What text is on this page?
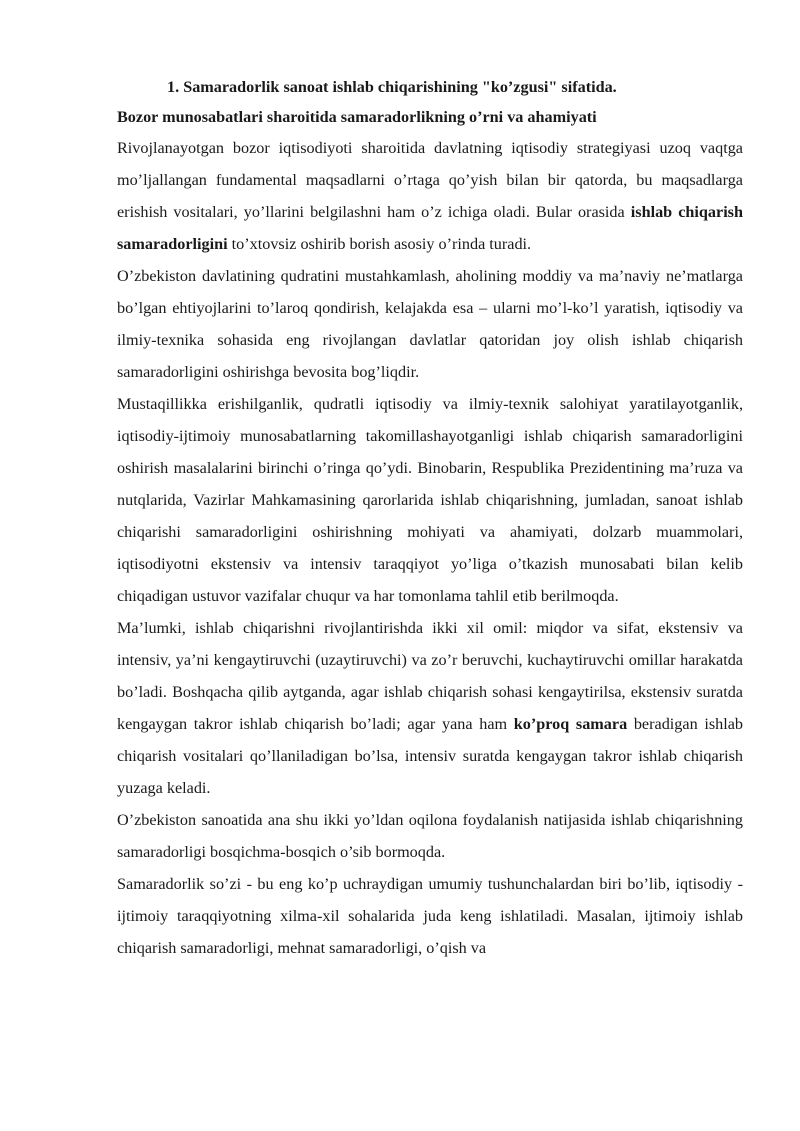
1. Samaradorlik sanoat ishlab chiqarishining "ko’zgusi" sifatida.
Bozor munosabatlari sharoitida samaradorlikning o’rni va ahamiyati

Rivojlanayotgan bozor iqtisodiyoti sharoitida davlatning iqtisodiy strategiyasi uzoq vaqtga mo’ljallangan fundamental maqsadlarni o’rtaga qo’yish bilan bir qatorda, bu maqsadlarga erishish vositalari, yo’llarini belgilashni ham o’z ichiga oladi. Bular orasida ishlab chiqarish samaradorligini to’xtovsiz oshirib borish asosiy o’rinda turadi.

O’zbekiston davlatining qudratini mustahkamlash, aholining moddiy va ma’naviy ne’matlarga bo’lgan ehtiyojlarini to’laroq qondirish, kelajakda esa – ularni mo’l-ko’l yaratish, iqtisodiy va ilmiy-texnika sohasida eng rivojlangan davlatlar qatoridan joy olish ishlab chiqarish samaradorligini oshirishga bevosita bog’liqdir.

Mustaqillikka erishilganlik, qudratli iqtisodiy va ilmiy-texnik salohiyat yaratilayotganlik, iqtisodiy-ijtimoiy munosabatlarning takomillashayotganligi ishlab chiqarish samaradorligini oshirish masalalarini birinchi o’ringa qo’ydi. Binobarin, Respublika Prezidentining ma’ruza va nutqlarida, Vazirlar Mahkamasining qarorlarida ishlab chiqarishning, jumladan, sanoat ishlab chiqarishi samaradorligini oshirishning mohiyati va ahamiyati, dolzarb muammolari, iqtisodiyotni ekstensiv va intensiv taraqqiyot yo’liga o’tkazish munosabati bilan kelib chiqadigan ustuvor vazifalar chuqur va har tomonlama tahlil etib berilmoqda.

Ma’lumki, ishlab chiqarishni rivojlantirishda ikki xil omil: miqdor va sifat, ekstensiv va intensiv, ya’ni kengaytiruvchi (uzaytiruvchi) va zo’r beruvchi, kuchaytiruvchi omillar harakatda bo’ladi. Boshqacha qilib aytganda, agar ishlab chiqarish sohasi kengaytirilsa, ekstensiv suratda kengaygan takror ishlab chiqarish bo’ladi; agar yana ham ko’proq samara beradigan ishlab chiqarish vositalari qo’llaniladigan bo’lsa, intensiv suratda kengaygan takror ishlab chiqarish yuzaga keladi.

O’zbekiston sanoatida ana shu ikki yo’ldan oqilona foydalanish natijasida ishlab chiqarishning samaradorligi bosqichma-bosqich o’sib bormoqda.

Samaradorlik so’zi - bu eng ko’p uchraydigan umumiy tushunchalardan biri bo’lib, iqtisodiy - ijtimoiy taraqqiyotning xilma-xil sohalarida juda keng ishlatiladi. Masalan, ijtimoiy ishlab chiqarish samaradorligi, mehnat samaradorligi, o’qish va
